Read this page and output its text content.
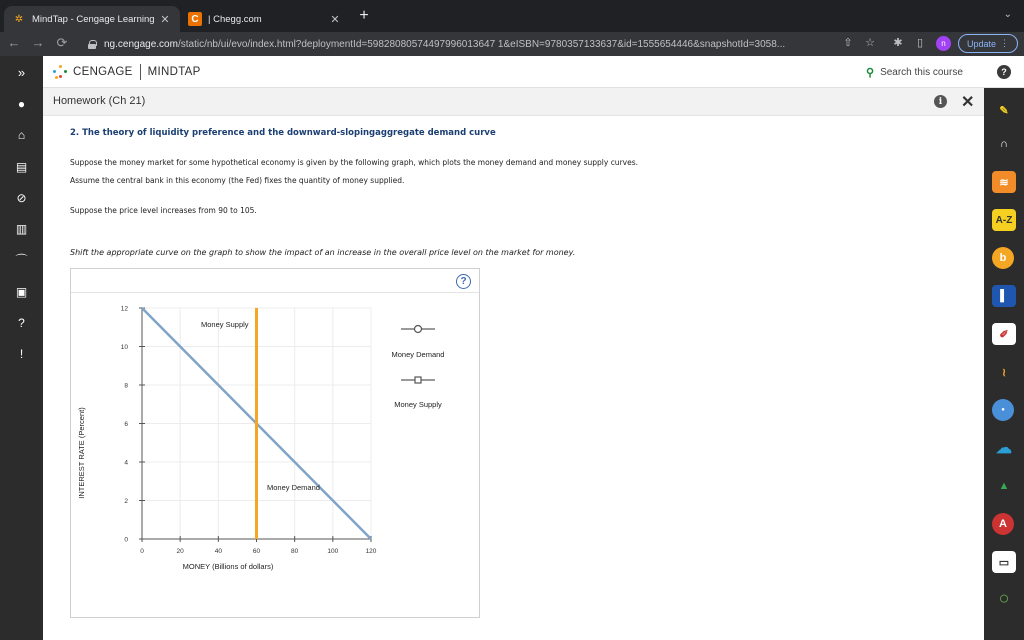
✲ MindTap - Cengage Learning ✕	C | Chegg.com	✕	+	⌄
← → ⟳	ng.cengage.com /static/nb/ui/evo/index.html?deploymentId=59828080574497996013647 1&eISBN=9780357133637&id=1555654446&snapshotId=3058...	⇧	☆	✱	▯	n	Update ⋮
»	CENGAGE MINDTAP	⚲ Search this course	?
●
⌂
▤
⊘
▥
⌒
▣
?
!
✎
∩
≋
A-Z
b
▌
✐
≀
●
☁
▲
A
▭
○
Homework (Ch 21)	i ✕
2. The theory of liquidity preference and the downward-slopingaggregate demand curve
Suppose the money market for some hypothetical economy is given by the following graph, which plots the money demand and money supply curves.
Assume the central bank in this economy (the Fed) fixes the quantity of money supplied.
Suppose the price level increases from 90 to 105.
Shift the appropriate curve on the graph to show the impact of an increase in the overall price level on the market for money.
?
0	20	40	60	80	100	120
0
2
4
6
8
10
12
INTEREST RATE (Percent)
MONEY (Billions of dollars)
Money Supply
Money Demand
Money Demand
Money Supply
